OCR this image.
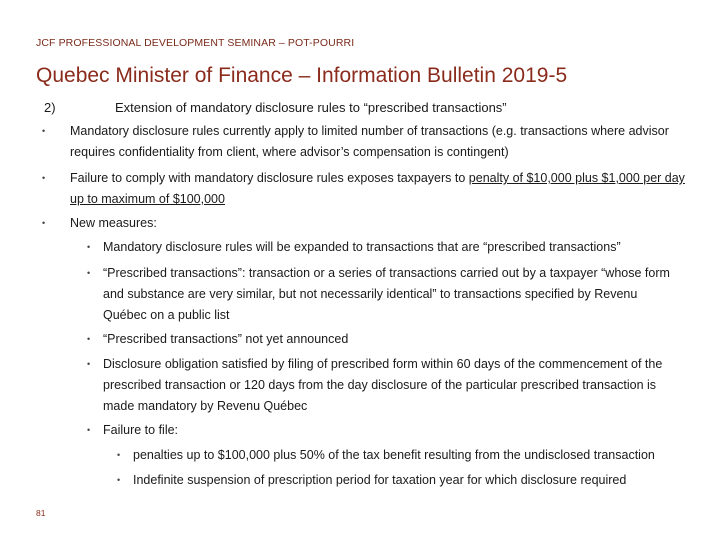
JCF PROFESSIONAL DEVELOPMENT SEMINAR – POT-POURRI
Quebec Minister of Finance – Information Bulletin 2019-5
2)	Extension of mandatory disclosure rules to “prescribed transactions”
• Mandatory disclosure rules currently apply to limited number of transactions (e.g. transactions where advisor requires confidentiality from client, where advisor’s compensation is contingent)
• Failure to comply with mandatory disclosure rules exposes taxpayers to penalty of $10,000 plus $1,000 per day up to maximum of $100,000
• New measures:
• Mandatory disclosure rules will be expanded to transactions that are “prescribed transactions”
• “Prescribed transactions”: transaction or a series of transactions carried out by a taxpayer “whose form and substance are very similar, but not necessarily identical” to transactions specified by Revenu Québec on a public list
• “Prescribed transactions” not yet announced
• Disclosure obligation satisfied by filing of prescribed form within 60 days of the commencement of the prescribed transaction or 120 days from the day disclosure of the particular prescribed transaction is made mandatory by Revenu Québec
• Failure to file:
• penalties up to $100,000 plus 50% of the tax benefit resulting from the undisclosed transaction
• Indefinite suspension of prescription period for taxation year for which disclosure required
81
